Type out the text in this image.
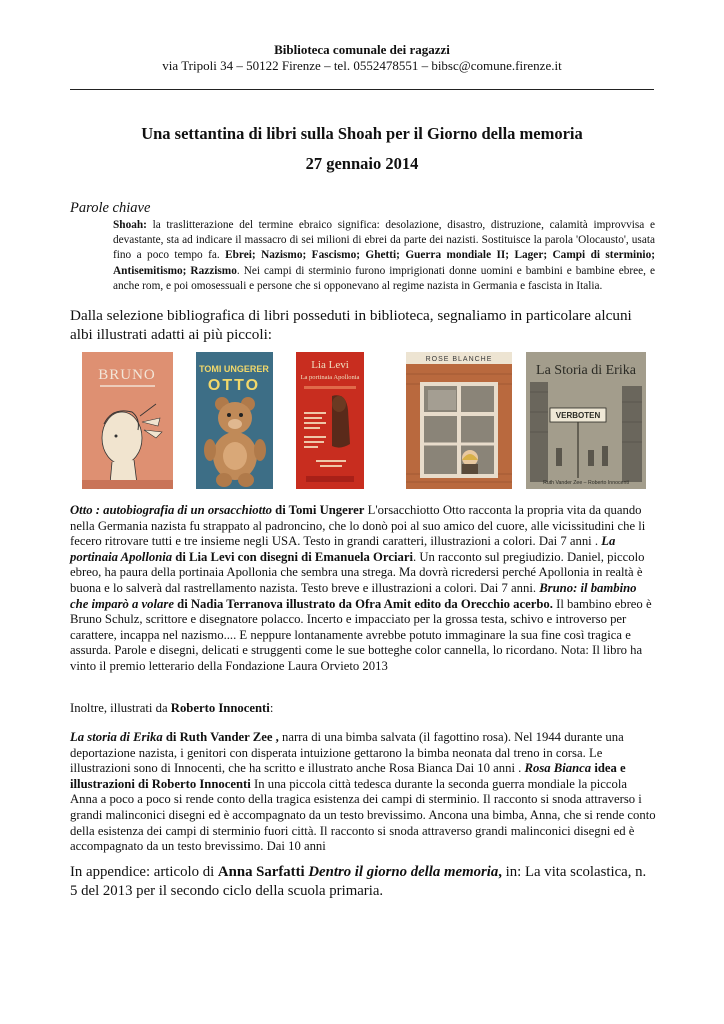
Biblioteca comunale dei ragazzi
via Tripoli 34 – 50122 Firenze – tel. 0552478551 – bibsc@comune.firenze.it
Una settantina di libri sulla Shoah per il Giorno della memoria
27 gennaio 2014
Parole chiave
Shoah: la traslitterazione del termine ebraico significa: desolazione, disastro, distruzione, calamità improvvisa e devastante, sta ad indicare il massacro di sei milioni di ebrei da parte dei nazisti. Sostituisce la parola 'Olocausto', usata fino a poco tempo fa. Ebrei; Nazismo; Fascismo; Ghetti; Guerra mondiale II; Lager; Campi di sterminio; Antisemitismo; Razzismo. Nei campi di sterminio furono imprigionati donne uomini e bambini e bambine ebree, e anche rom, e poi omosessuali e persone che si opponevano al regime nazista in Germania e fascista in Italia.
Dalla selezione bibliografica di libri posseduti in biblioteca, segnaliamo in particolare alcuni albi illustrati adatti ai più piccoli:
BRUNO	TOMI UNGERER
OTTO
Lia Levi
La portinaia Apollonia
ROSE BLANCHE
La Storia di Erika
VERBOTEN
Ruth Vander Zee – Roberto Innocenti
Otto : autobiografia di un orsacchiotto di Tomi Ungerer L'orsacchiotto Otto racconta la propria vita da quando nella Germania nazista fu strappato al padroncino, che lo donò poi al suo amico del cuore, alle vicissitudini che li fecero ritrovare tutti e tre insieme negli USA. Testo in grandi caratteri, illustrazioni a colori. Dai 7 anni . La portinaia Apollonia di Lia Levi con disegni di Emanuela Orciari. Un racconto sul pregiudizio. Daniel, piccolo ebreo, ha paura della portinaia Apollonia che sembra una strega. Ma dovrà ricredersi perché Apollonia in realtà è buona e lo salverà dal rastrellamento nazista. Testo breve e illustrazioni a colori. Dai 7 anni. Bruno: il bambino che imparò a volare di Nadia Terranova illustrato da Ofra Amit edito da Orecchio acerbo. Il bambino ebreo è Bruno Schulz, scrittore e disegnatore polacco. Incerto e impacciato per la grossa testa, schivo e introverso per carattere, incappa nel nazismo.... E neppure lontanamente avrebbe potuto immaginare la sua fine così tragica e assurda. Parole e disegni, delicati e struggenti come le sue botteghe color cannella, lo ricordano. Nota: Il libro ha vinto il premio letterario della Fondazione Laura Orvieto 2013
Inoltre, illustrati da Roberto Innocenti:
La storia di Erika di Ruth Vander Zee , narra di una bimba salvata (il fagottino rosa). Nel 1944 durante una deportazione nazista, i genitori con disperata intuizione gettarono la bimba neonata dal treno in corsa. Le illustrazioni sono di Innocenti, che ha scritto e illustrato anche Rosa Bianca Dai 10 anni . Rosa Bianca idea e illustrazioni di Roberto Innocenti In una piccola città tedesca durante la seconda guerra mondiale la piccola Anna a poco a poco si rende conto della tragica esistenza dei campi di sterminio. Il racconto si snoda attraverso i grandi malinconici disegni ed è accompagnato da un testo brevissimo. Ancona una bimba, Anna, che si rende conto della esistenza dei campi di sterminio fuori città. Il racconto si snoda attraverso grandi malinconici disegni ed è accompagnato da un testo brevissimo. Dai 10 anni
In appendice: articolo di Anna Sarfatti Dentro il giorno della memoria, in: La vita scolastica, n. 5 del 2013 per il secondo ciclo della scuola primaria.
